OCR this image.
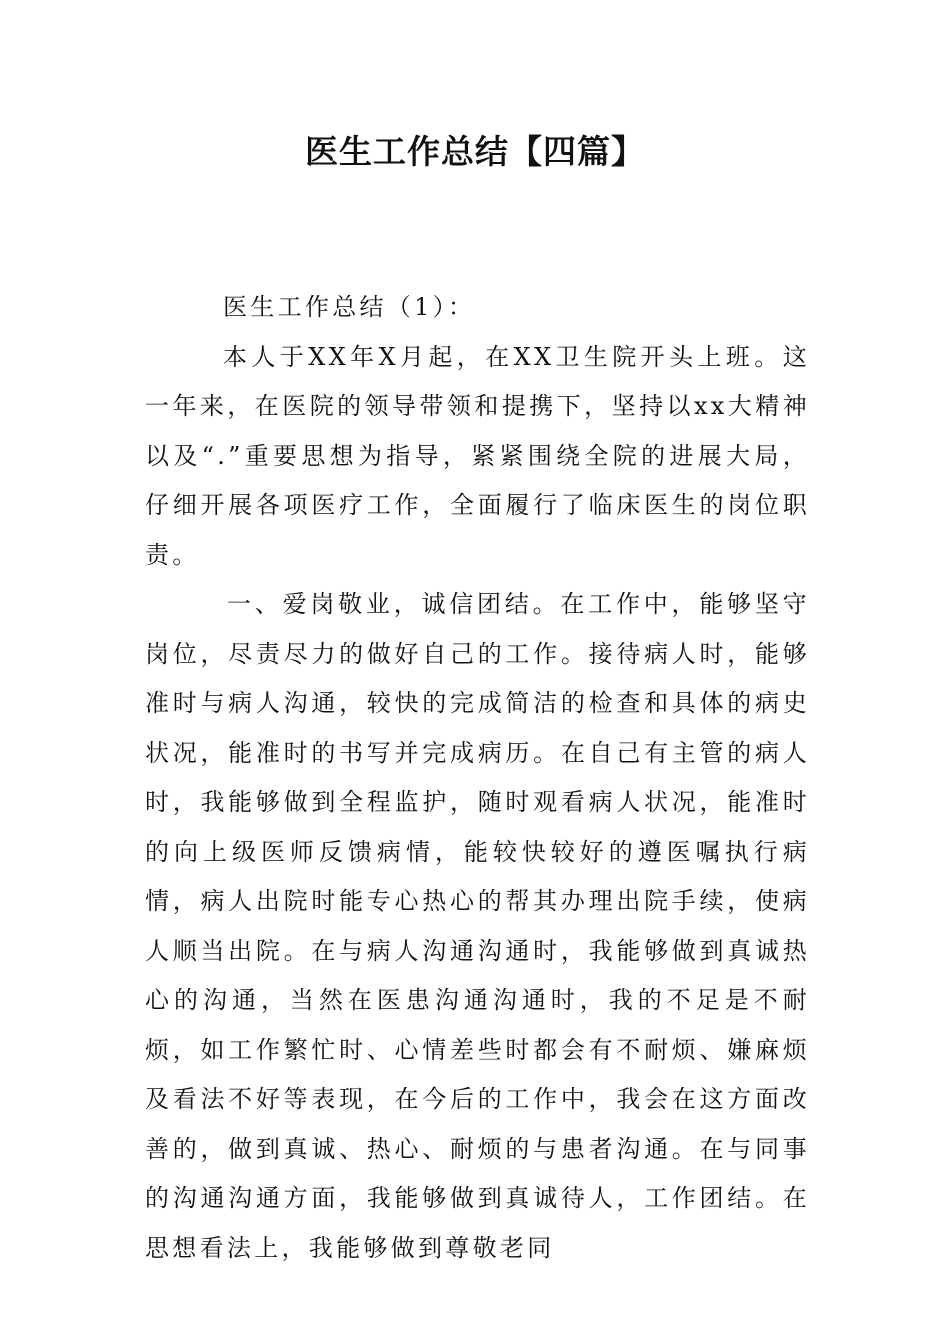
医生工作总结【四篇】

医生工作总结（1）：

本人于XX年X月起，在XX卫生院开头上班。这一年来，在医院的领导带领和提携下，坚持以xx大精神以及“.”重要思想为指导，紧紧围绕全院的进展大局，仔细开展各项医疗工作，全面履行了临床医生的岗位职责。

一、爱岗敬业，诚信团结。在工作中，能够坚守岗位，尽责尽力的做好自己的工作。接待病人时，能够准时与病人沟通，较快的完成简洁的检查和具体的病史状况，能准时的书写并完成病历。在自己有主管的病人时，我能够做到全程监护，随时观看病人状况，能准时的向上级医师反馈病情，能较快较好的遵医嘱执行病情，病人出院时能专心热心的帮其办理出院手续，使病人顺当出院。在与病人沟通沟通时，我能够做到真诚热心的沟通，当然在医患沟通沟通时，我的不足是不耐烦，如工作繁忙时、心情差些时都会有不耐烦、嫌麻烦及看法不好等表现，在今后的工作中，我会在这方面改善的，做到真诚、热心、耐烦的与患者沟通。在与同事的沟通沟通方面，我能够做到真诚待人，工作团结。在思想看法上，我能够做到尊敬老同
